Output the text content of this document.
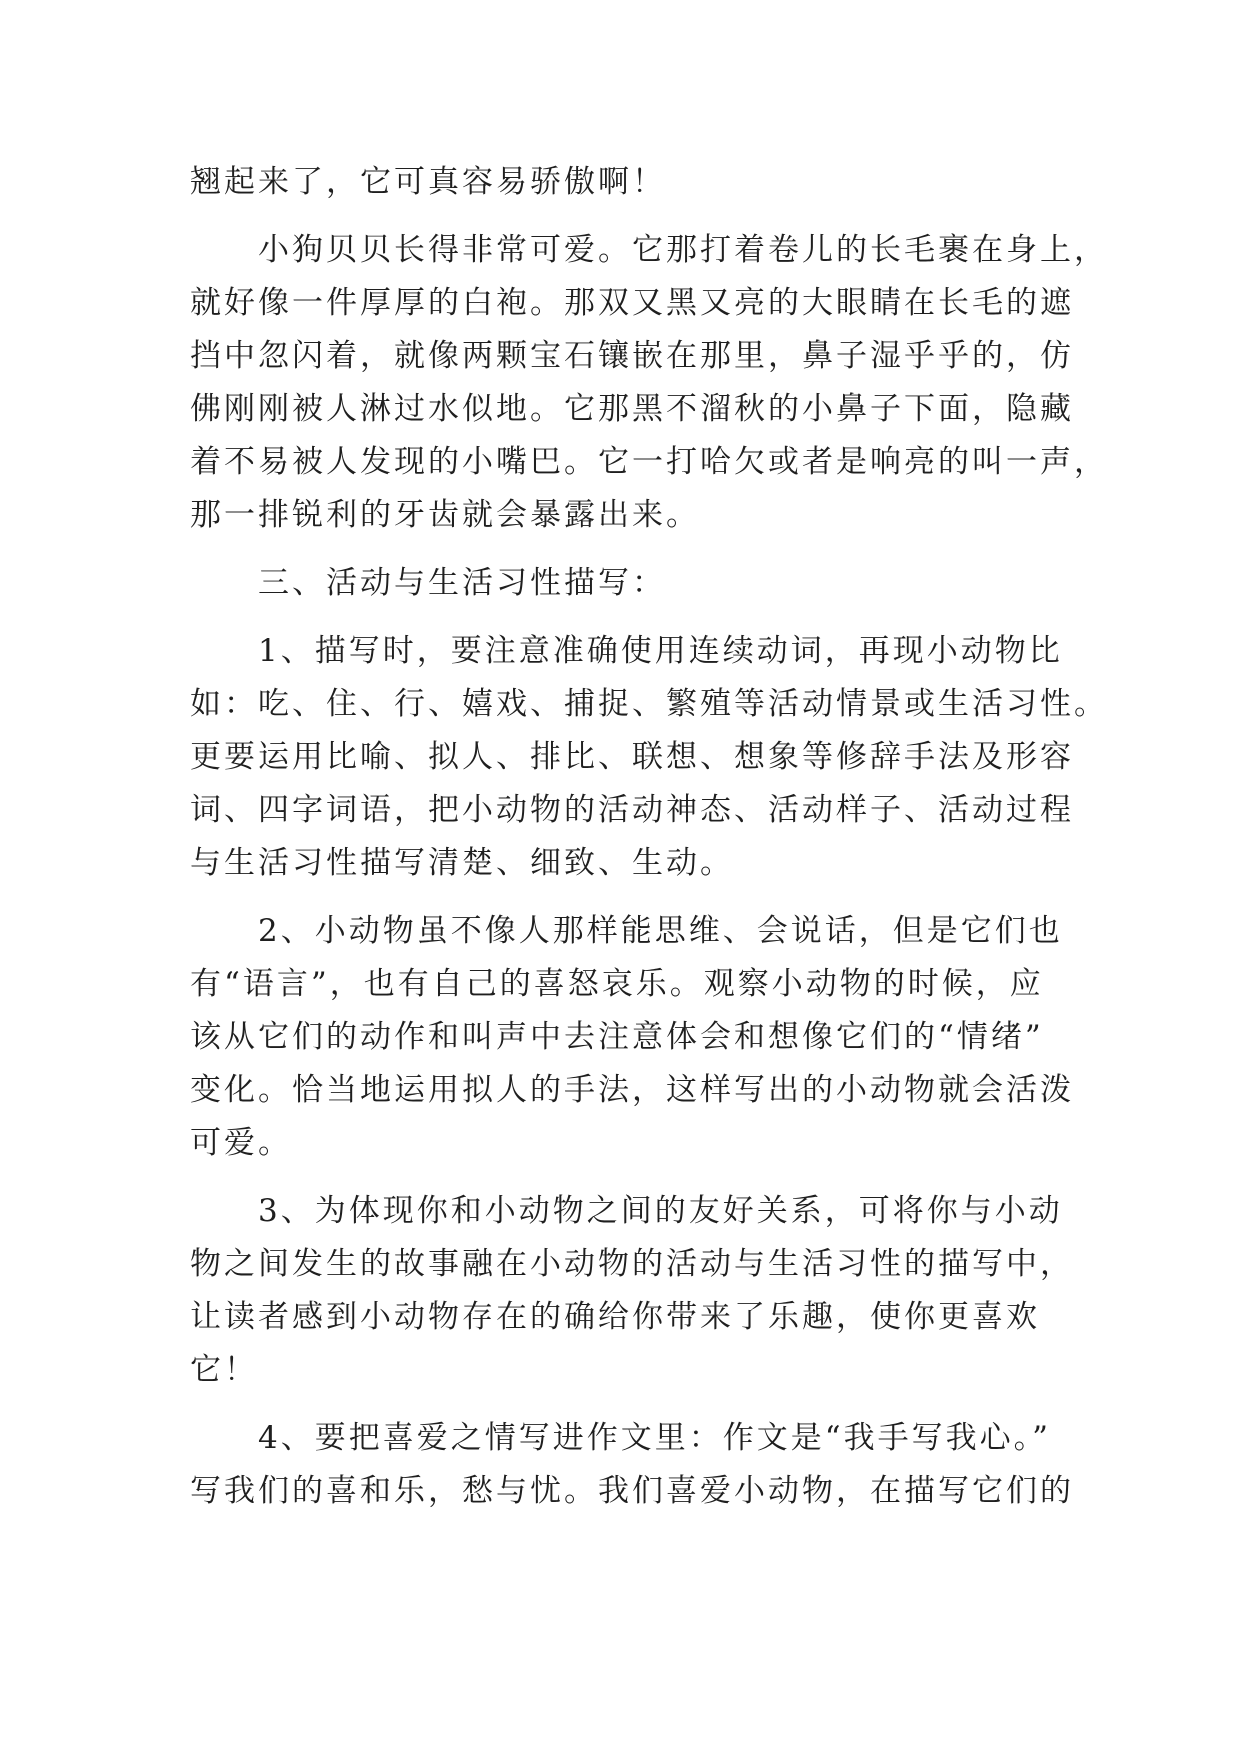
翘起来了，它可真容易骄傲啊！
小狗贝贝长得非常可爱。它那打着卷儿的长毛裹在身上，
就好像一件厚厚的白袍。那双又黑又亮的大眼睛在长毛的遮
挡中忽闪着，就像两颗宝石镶嵌在那里，鼻子湿乎乎的，仿
佛刚刚被人淋过水似地。它那黑不溜秋的小鼻子下面，隐藏
着不易被人发现的小嘴巴。它一打哈欠或者是响亮的叫一声，
那一排锐利的牙齿就会暴露出来。
三、活动与生活习性描写：
1、描写时，要注意准确使用连续动词，再现小动物比
如：吃、住、行、嬉戏、捕捉、繁殖等活动情景或生活习性。
更要运用比喻、拟人、排比、联想、想象等修辞手法及形容
词、四字词语，把小动物的活动神态、活动样子、活动过程
与生活习性描写清楚、细致、生动。
2、小动物虽不像人那样能思维、会说话，但是它们也
有“语言”，也有自己的喜怒哀乐。观察小动物的时候，应
该从它们的动作和叫声中去注意体会和想像它们的“情绪”
变化。恰当地运用拟人的手法，这样写出的小动物就会活泼
可爱。
3、为体现你和小动物之间的友好关系，可将你与小动
物之间发生的故事融在小动物的活动与生活习性的描写中，
让读者感到小动物存在的确给你带来了乐趣，使你更喜欢
它！
4、要把喜爱之情写进作文里：作文是“我手写我心。”
写我们的喜和乐，愁与忧。我们喜爱小动物，在描写它们的
